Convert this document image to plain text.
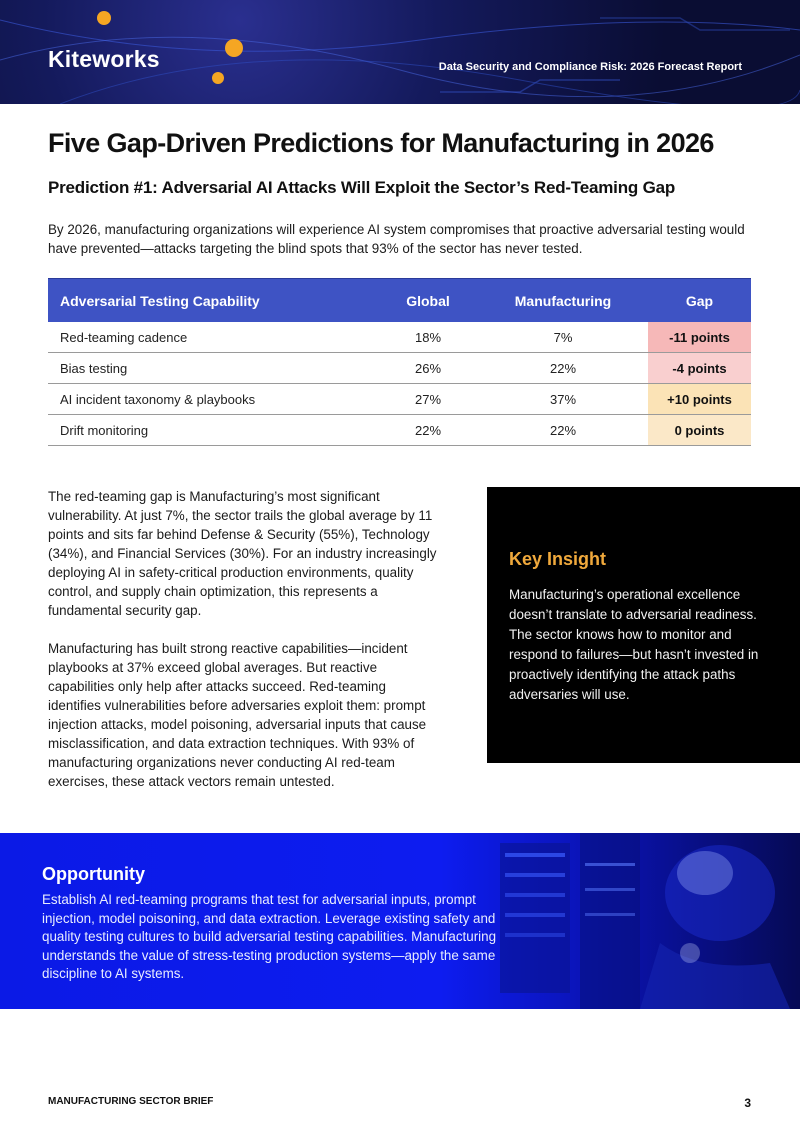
Kiteworks	Data Security and Compliance Risk: 2026 Forecast Report
Five Gap-Driven Predictions for Manufacturing in 2026
Prediction #1: Adversarial AI Attacks Will Exploit the Sector’s Red-Teaming Gap
By 2026, manufacturing organizations will experience AI system compromises that proactive adversarial testing would have prevented—attacks targeting the blind spots that 93% of the sector has never tested.
Adversarial Testing Capability	Global	Manufacturing	Gap
Red-teaming cadence	18%	7%	-11 points
Bias testing	26%	22%	-4 points
AI incident taxonomy & playbooks	27%	37%	+10 points
Drift monitoring	22%	22%	0 points

The red-teaming gap is Manufacturing’s most significant vulnerability. At just 7%, the sector trails the global average by 11 points and sits far behind Defense & Security (55%), Technology (34%), and Financial Services (30%). For an industry increasingly deploying AI in safety-critical production environments, quality control, and supply chain optimization, this represents a fundamental security gap.

Manufacturing has built strong reactive capabilities—incident playbooks at 37% exceed global averages. But reactive capabilities only help after attacks succeed. Red-teaming identifies vulnerabilities before adversaries exploit them: prompt injection attacks, model poisoning, adversarial inputs that cause misclassification, and data extraction techniques. With 93% of manufacturing organizations never conducting AI red-team exercises, these attack vectors remain untested.

Key Insight
Manufacturing’s operational excellence doesn’t translate to adversarial readiness. The sector knows how to monitor and respond to failures—but hasn’t invested in proactively identifying the attack paths adversaries will use.
Opportunity
Establish AI red-teaming programs that test for adversarial inputs, prompt injection, model poisoning, and data extraction. Leverage existing safety and quality testing cultures to build adversarial testing capabilities. Manufacturing understands the value of stress-testing production systems—apply the same discipline to AI systems.
MANUFACTURING SECTOR BRIEF	3
